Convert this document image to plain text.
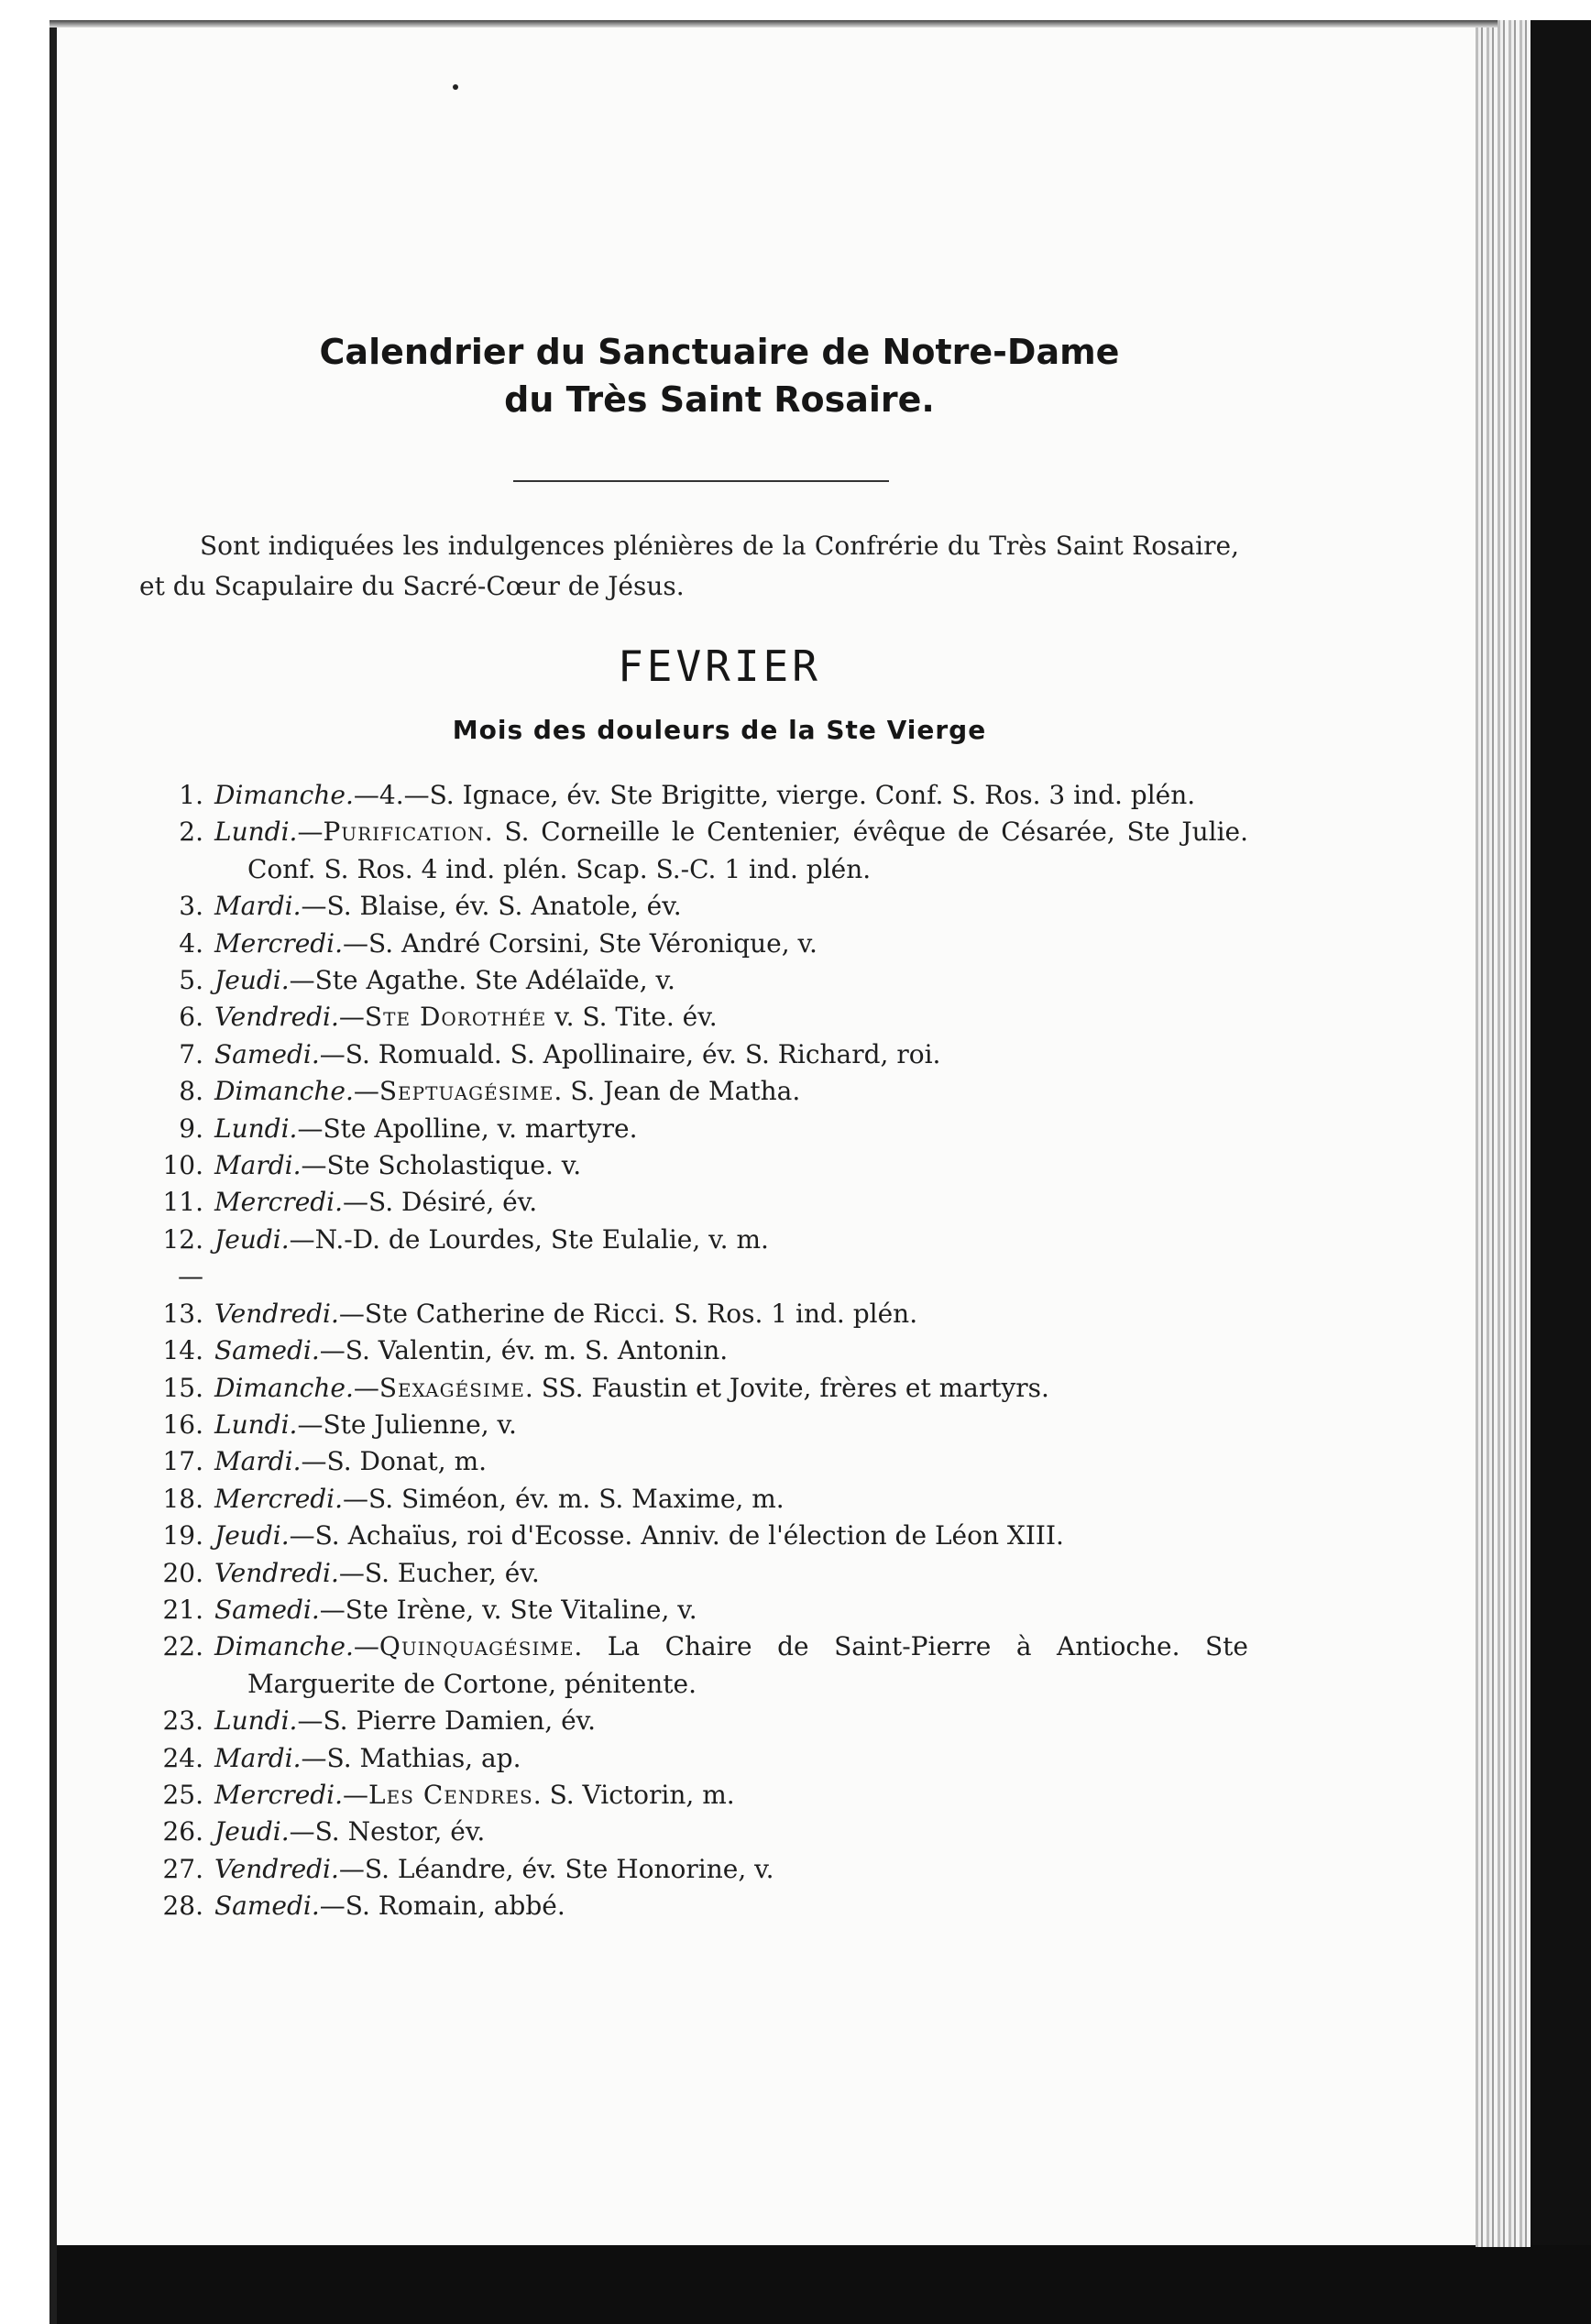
Calendrier du Sanctuaire de Notre-Dame
du Très Saint Rosaire.
Sont indiquées les indulgences plénières de la Confrérie du Très Saint Rosaire, et du Scapulaire du Sacré-Cœur de Jésus.
FEVRIER
Mois des douleurs de la Ste Vierge
1. Dimanche.—4.—S. Ignace, év. Ste Brigitte, vierge. Conf. S. Ros. 3 ind. plén.
2. Lundi.—Purification. S. Corneille le Centenier, évêque de Césarée, Ste Julie. Conf. S. Ros. 4 ind. plén. Scap. S.-C. 1 ind. plén.
3. Mardi.—S. Blaise, év. S. Anatole, év.
4. Mercredi.—S. André Corsini, Ste Véronique, v.
5. Jeudi.—Ste Agathe. Ste Adélaïde, v.
6. Vendredi.—Ste Dorothée v. S. Tite. év.
7. Samedi.—S. Romuald. S. Apollinaire, év. S. Richard, roi.
8. Dimanche.—Septuagésime. S. Jean de Matha.
9. Lundi.—Ste Apolline, v. martyre.
10. Mardi.—Ste Scholastique. v.
11. Mercredi.—S. Désiré, év.
12.—
Jeudi.—N.-D. de Lourdes, Ste Eulalie, v. m.
13. Vendredi.—Ste Catherine de Ricci. S. Ros. 1 ind. plén.
14. Samedi.—S. Valentin, év. m. S. Antonin.
15. Dimanche.—Sexagésime. SS. Faustin et Jovite, frères et martyrs.
16. Lundi.—Ste Julienne, v.
17. Mardi.—S. Donat, m.
18. Mercredi.—S. Siméon, év. m. S. Maxime, m.
19. Jeudi.—S. Achaïus, roi d'Ecosse. Anniv. de l'élection de Léon XIII.
20. Vendredi.—S. Eucher, év.
21. Samedi.—Ste Irène, v. Ste Vitaline, v.
22. Dimanche.—Quinquagésime. La Chaire de Saint-Pierre à Antioche. Ste Marguerite de Cortone, pénitente.
23. Lundi.—S. Pierre Damien, év.
24. Mardi.—S. Mathias, ap.
25. Mercredi.—Les Cendres. S. Victorin, m.
26. Jeudi.—S. Nestor, év.
27. Vendredi.—S. Léandre, év. Ste Honorine, v.
28. Samedi.—S. Romain, abbé.
